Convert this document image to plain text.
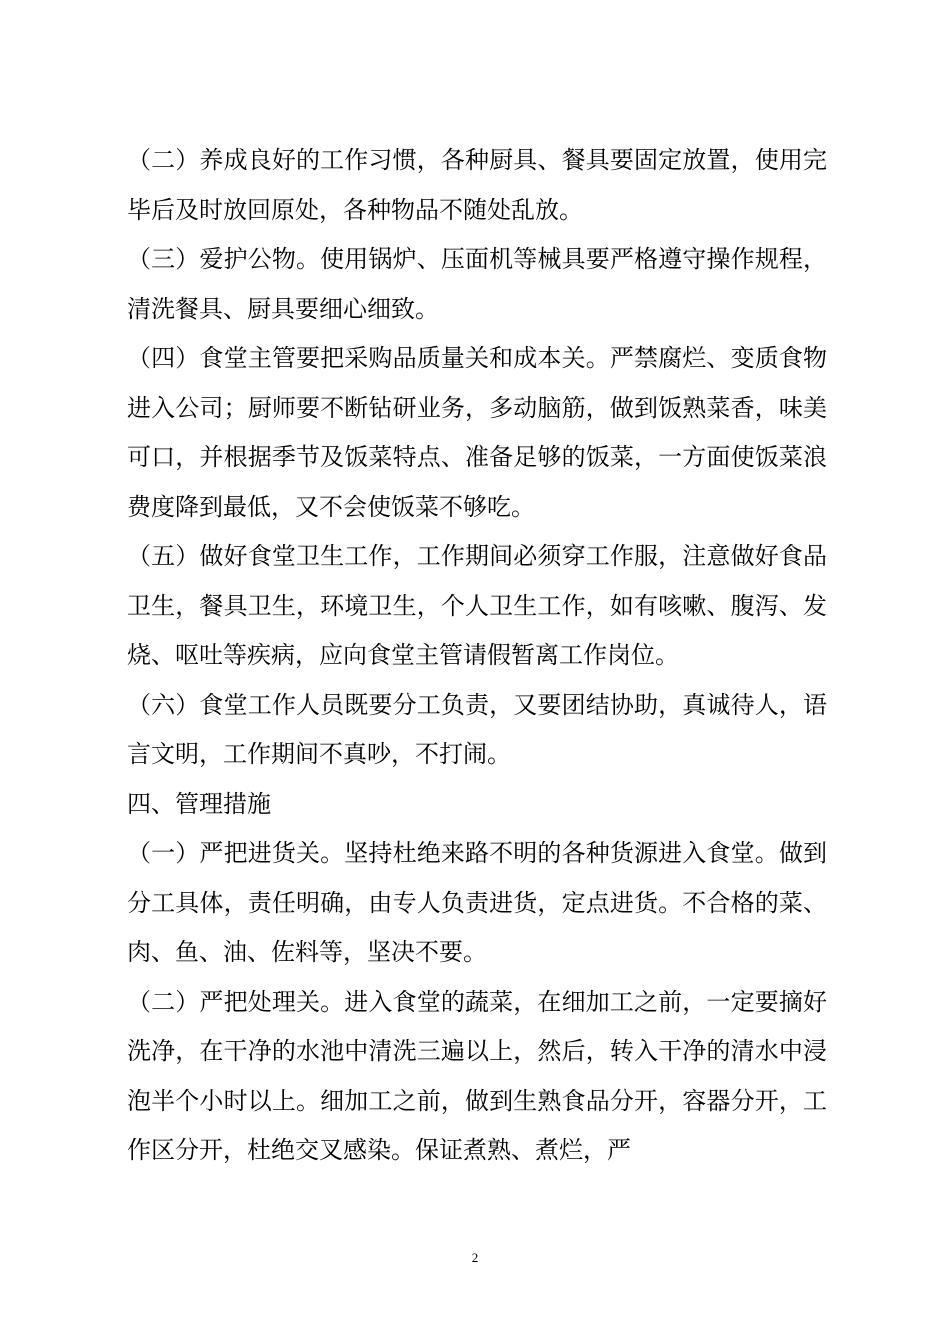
（二）养成良好的工作习惯，各种厨具、餐具要固定放置，使用完毕后及时放回原处，各种物品不随处乱放。

（三）爱护公物。使用锅炉、压面机等械具要严格遵守操作规程，清洗餐具、厨具要细心细致。

（四）食堂主管要把采购品质量关和成本关。严禁腐烂、变质食物进入公司；厨师要不断钻研业务，多动脑筋，做到饭熟菜香，味美可口，并根据季节及饭菜特点、准备足够的饭菜，一方面使饭菜浪费度降到最低，又不会使饭菜不够吃。

（五）做好食堂卫生工作，工作期间必须穿工作服，注意做好食品卫生，餐具卫生，环境卫生，个人卫生工作，如有咳嗽、腹泻、发烧、呕吐等疾病，应向食堂主管请假暂离工作岗位。

（六）食堂工作人员既要分工负责，又要团结协助，真诚待人，语言文明，工作期间不真吵，不打闹。

四、管理措施

（一）严把进货关。坚持杜绝来路不明的各种货源进入食堂。做到分工具体，责任明确，由专人负责进货，定点进货。不合格的菜、肉、鱼、油、佐料等，坚决不要。

（二）严把处理关。进入食堂的蔬菜，在细加工之前，一定要摘好洗净，在干净的水池中清洗三遍以上，然后，转入干净的清水中浸泡半个小时以上。细加工之前，做到生熟食品分开，容器分开，工作区分开，杜绝交叉感染。保证煮熟、煮烂，严

2
